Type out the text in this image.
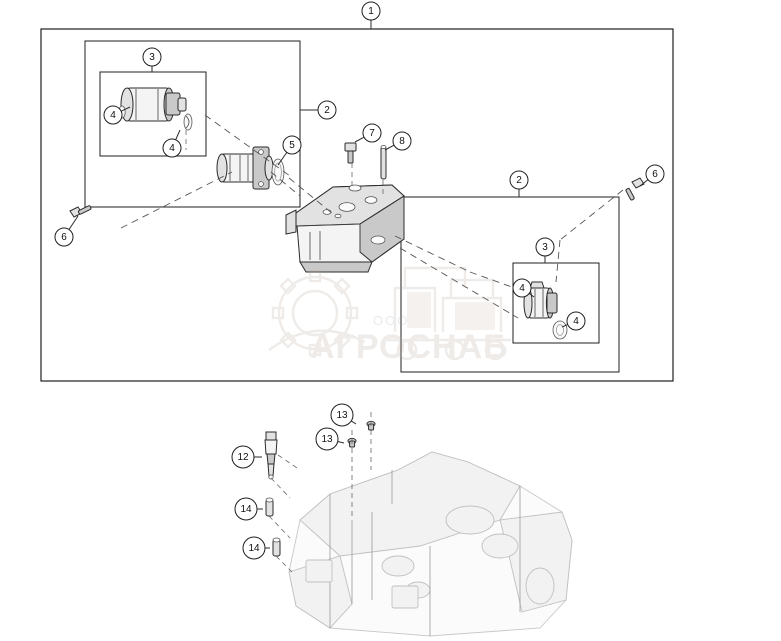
1
2
3
4
4	5
6
7
8
2
3
4
4
6
12
13
13
14
14
ООО
АГРОСНАБ
